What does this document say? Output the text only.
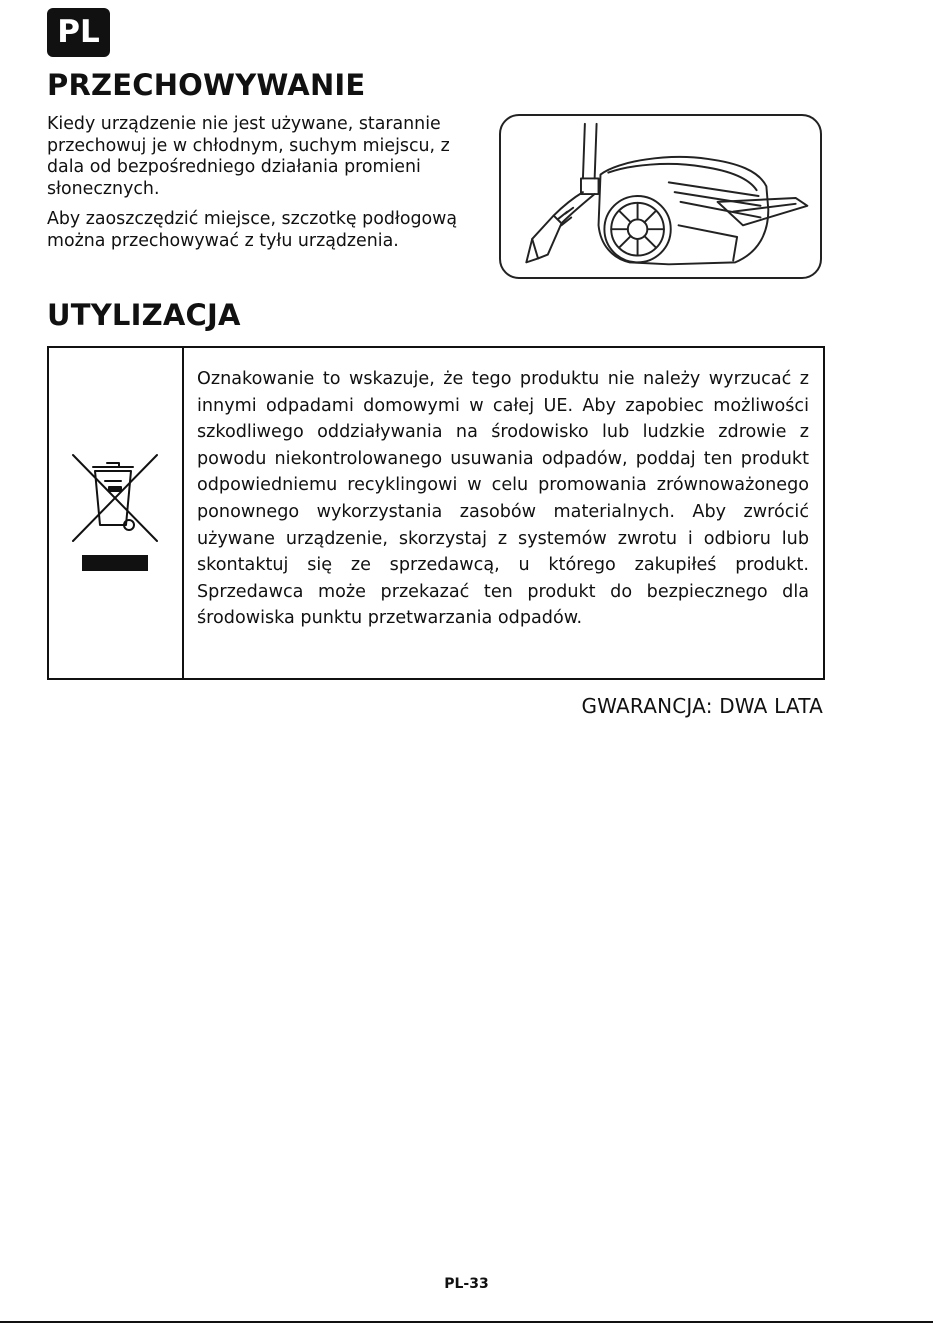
PL
PRZECHOWYWANIE

Kiedy urządzenie nie jest używane, starannie przechowuj je w chłodnym, suchym miejscu, z dala od bezpośredniego działania promieni słonecznych.

Aby zaoszczędzić miejsce, szczotkę podłogową można przechowywać z tyłu urządzenia.

UTYLIZACJA

Oznakowanie to wskazuje, że tego produktu nie należy wyrzucać z innymi odpadami domowymi w całej UE. Aby zapobiec możliwości szkodliwego oddziaływania na środowisko lub ludzkie zdrowie z powodu niekontrolowanego usuwania odpadów, poddaj ten produkt odpowiedniemu recyklingowi w celu promowania zrównoważonego ponownego wykorzystania zasobów materialnych. Aby zwrócić używane urządzenie, skorzystaj z systemów zwrotu i odbioru lub skontaktuj się ze sprzedawcą, u którego zakupiłeś produkt. Sprzedawca może przekazać ten produkt do bezpiecznego dla środowiska punktu przetwarzania odpadów.

GWARANCJA: DWA LATA

PL-33
